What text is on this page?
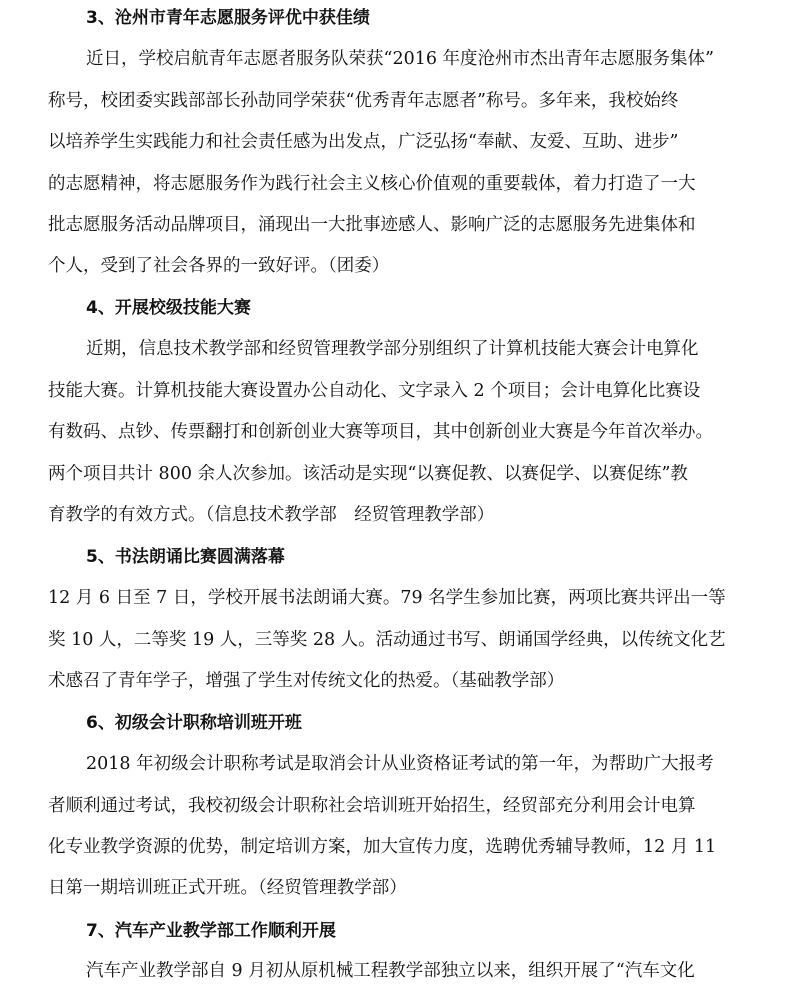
3、沧州市青年志愿服务评优中获佳绩
近日，学校启航青年志愿者服务队荣获“2016 年度沧州市杰出青年志愿服务集体”
称号，校团委实践部部长孙劼同学荣获“优秀青年志愿者”称号。多年来，我校始终
以培养学生实践能力和社会责任感为出发点，广泛弘扬“奉献、友爱、互助、进步”
的志愿精神，将志愿服务作为践行社会主义核心价值观的重要载体，着力打造了一大
批志愿服务活动品牌项目，涌现出一大批事迹感人、影响广泛的志愿服务先进集体和
个人，受到了社会各界的一致好评。（团委）
4、开展校级技能大赛
近期，信息技术教学部和经贸管理教学部分别组织了计算机技能大赛会计电算化
技能大赛。计算机技能大赛设置办公自动化、文字录入 2 个项目；会计电算化比赛设
有数码、点钞、传票翻打和创新创业大赛等项目，其中创新创业大赛是今年首次举办。
两个项目共计 800 余人次参加。该活动是实现“以赛促教、以赛促学、以赛促练”教
育教学的有效方式。（信息技术教学部　经贸管理教学部）
5、书法朗诵比赛圆满落幕
12 月 6 日至 7 日，学校开展书法朗诵大赛。79 名学生参加比赛，两项比赛共评出一等
奖 10 人，二等奖 19 人，三等奖 28 人。活动通过书写、朗诵国学经典，以传统文化艺
术感召了青年学子，增强了学生对传统文化的热爱。（基础教学部）
6、初级会计职称培训班开班
2018 年初级会计职称考试是取消会计从业资格证考试的第一年，为帮助广大报考
者顺利通过考试，我校初级会计职称社会培训班开始招生，经贸部充分利用会计电算
化专业教学资源的优势，制定培训方案，加大宣传力度，选聘优秀辅导教师，12 月 11
日第一期培训班正式开班。（经贸管理教学部）
7、汽车产业教学部工作顺利开展
汽车产业教学部自 9 月初从原机械工程教学部独立以来，组织开展了“汽车文化
